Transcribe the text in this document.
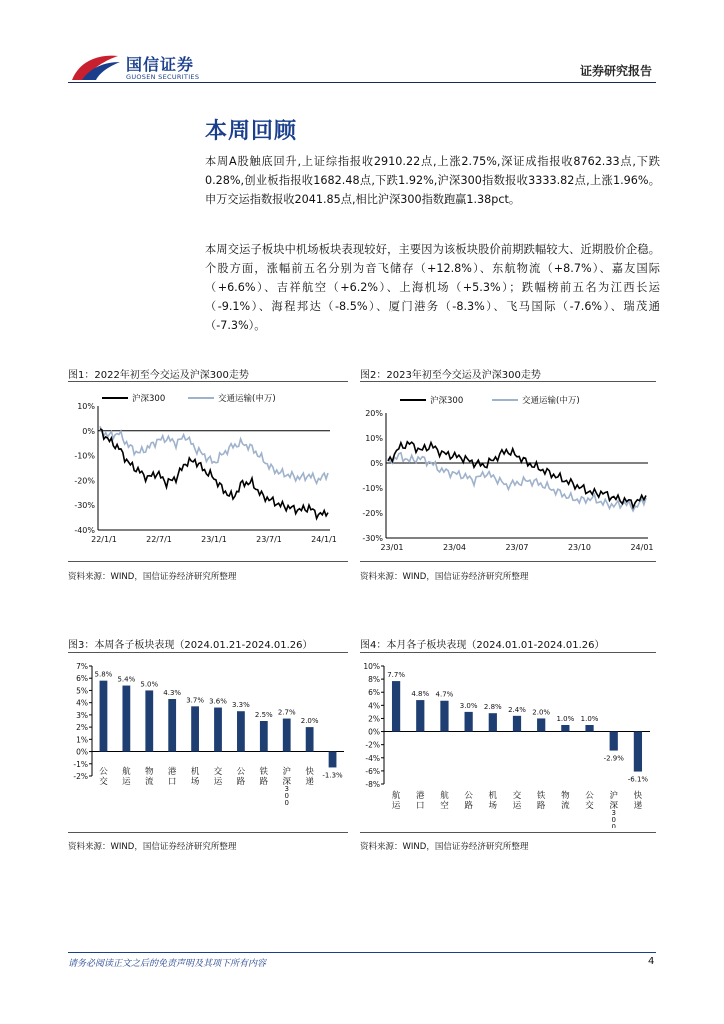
国信证券
GUOSEN SECURITIES	证券研究报告
本周回顾
本周A股触底回升,上证综指报收2910.22点,上涨2.75%,深证成指报收8762.33点,下跌0.28%,创业板指报收1682.48点,下跌1.92%,沪深300指数报收3333.82点,上涨1.96%。申万交运指数报收2041.85点,相比沪深300指数跑赢1.38pct。
本周交运子板块中机场板块表现较好，主要因为该板块股价前期跌幅较大、近期股价企稳。个股方面，涨幅前五名分别为音飞储存（+12.8%）、东航物流（+8.7%）、嘉友国际（+6.6%）、吉祥航空（+6.2%）、上海机场（+5.3%）；跌幅榜前五名为江西长运（-9.1%）、海程邦达（-8.5%）、厦门港务（-8.3%）、飞马国际（-7.6%）、瑞茂通（-7.3%）。
图1：2022年初至今交运及沪深300走势
10%
0%
-10%
-20%
-30%
-40%
22/1/1	22/7/1	23/1/1	23/7/1	24/1/1
沪深300	交通运输(申万)
资料来源：WIND，国信证券经济研究所整理
图2：2023年初至今交运及沪深300走势
20%
10%
0%
-10%
-20%
-30%
23/01	23/04	23/07	23/10	24/01
沪深300	交通运输(中万)
资料来源：WIND，国信证券经济研究所整理
图3：本周各子板块表现（2024.01.21-2024.01.26）
7%
6%
5%
4%
3%
2%
1%
0%
-1%
-2%
5.8%
5.4%
5.0%
4.3%
3.7% 3.6% 3.3%
2.5% 2.7%
2.0%
-1.3%
公交
航运
物流
港口
机场
交运
公路
铁路
沪深 3 0 0
快递
资料来源：WIND，国信证券经济研究所整理
图4：本月各子板块表现（2024.01.01-2024.01.26）
10%
8%
6%
4%
2%
0%
-2%
-4%
-6%
-8%
7.7%
4.8% 4.7%
3.0% 2.8% 2.4% 2.0%
1.0% 1.0%
-2.9%
-6.1%
航运
港口
航空
公路
机场
交运
铁路
物流
公交
沪深 3 0 0
快递
资料来源：WIND，国信证券经济研究所整理
请务必阅读正文之后的免责声明及其项下所有内容	4
